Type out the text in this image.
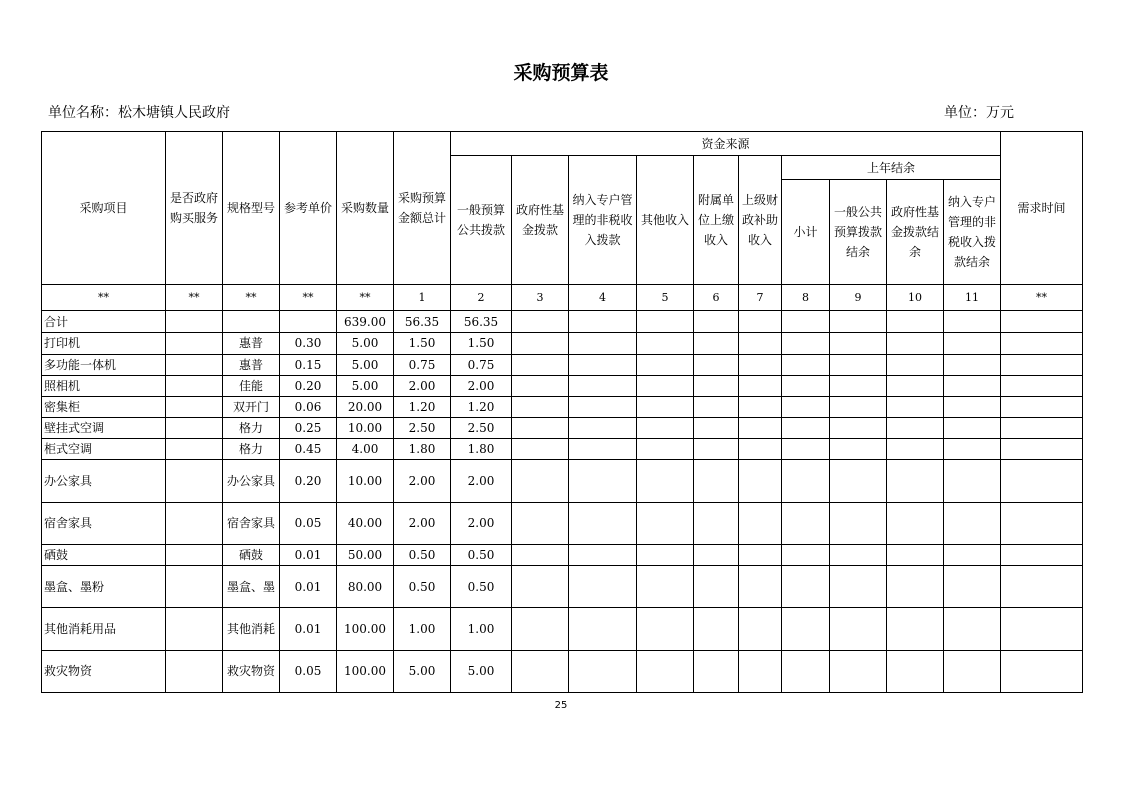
采购预算表
单位名称：松木塘镇人民政府	单位：万元
采购项目	是否政府购买服务	规格型号	参考单价	采购数量	采购预算金额总计	资金来源										需求时间
						一般预算公共拨款	政府性基金拨款	纳入专户管理的非税收入拨款	其他收入	附属单位上缴收入	上级财政补助收入	上年结余				
												小计	一般公共预算拨款结余	政府性基金拨款结余	纳入专户管理的非税收入拨款结余	
**	**	**	**	**	1	2	3	4	5	6	7	8	9	10	11	**
合计				639.00	56.35	56.35										
打印机		惠普	0.30	5.00	1.50	1.50										
多功能一体机		惠普	0.15	5.00	0.75	0.75										
照相机		佳能	0.20	5.00	2.00	2.00										
密集柜		双开门	0.06	20.00	1.20	1.20										
壁挂式空调		格力	0.25	10.00	2.50	2.50										
柜式空调		格力	0.45	4.00	1.80	1.80										
办公家具		办公家具	0.20	10.00	2.00	2.00										
宿舍家具		宿舍家具	0.05	40.00	2.00	2.00										
硒鼓		硒鼓	0.01	50.00	0.50	0.50										
墨盒、墨粉		墨盒、墨	0.01	80.00	0.50	0.50										
其他消耗用品		其他消耗	0.01	100.00	1.00	1.00										
救灾物资		救灾物资	0.05	100.00	5.00	5.00										
25
